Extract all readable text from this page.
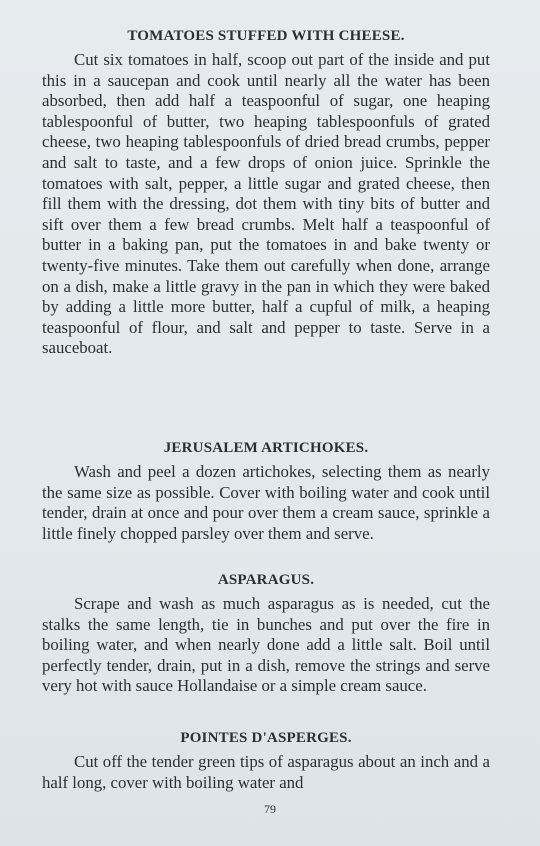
TOMATOES STUFFED WITH CHEESE.

Cut six tomatoes in half, scoop out part of the inside and put this in a saucepan and cook until nearly all the water has been absorbed, then add half a teaspoonful of sugar, one heaping tablespoonful of butter, two heaping tablespoonfuls of grated cheese, two heaping tablespoonfuls of dried bread crumbs, pepper and salt to taste, and a few drops of onion juice. Sprinkle the tomatoes with salt, pepper, a little sugar and grated cheese, then fill them with the dressing, dot them with tiny bits of butter and sift over them a few bread crumbs. Melt half a teaspoonful of butter in a baking pan, put the tomatoes in and bake twenty or twenty-five minutes. Take them out carefully when done, arrange on a dish, make a little gravy in the pan in which they were baked by adding a little more butter, half a cupful of milk, a heaping teaspoonful of flour, and salt and pepper to taste. Serve in a sauceboat.

JERUSALEM ARTICHOKES.

Wash and peel a dozen artichokes, selecting them as nearly the same size as possible. Cover with boiling water and cook until tender, drain at once and pour over them a cream sauce, sprinkle a little finely chopped parsley over them and serve.

ASPARAGUS.

Scrape and wash as much asparagus as is needed, cut the stalks the same length, tie in bunches and put over the fire in boiling water, and when nearly done add a little salt. Boil until perfectly tender, drain, put in a dish, remove the strings and serve very hot with sauce Hollandaise or a simple cream sauce.

POINTES D'ASPERGES.

Cut off the tender green tips of asparagus about an inch and a half long, cover with boiling water and

79
